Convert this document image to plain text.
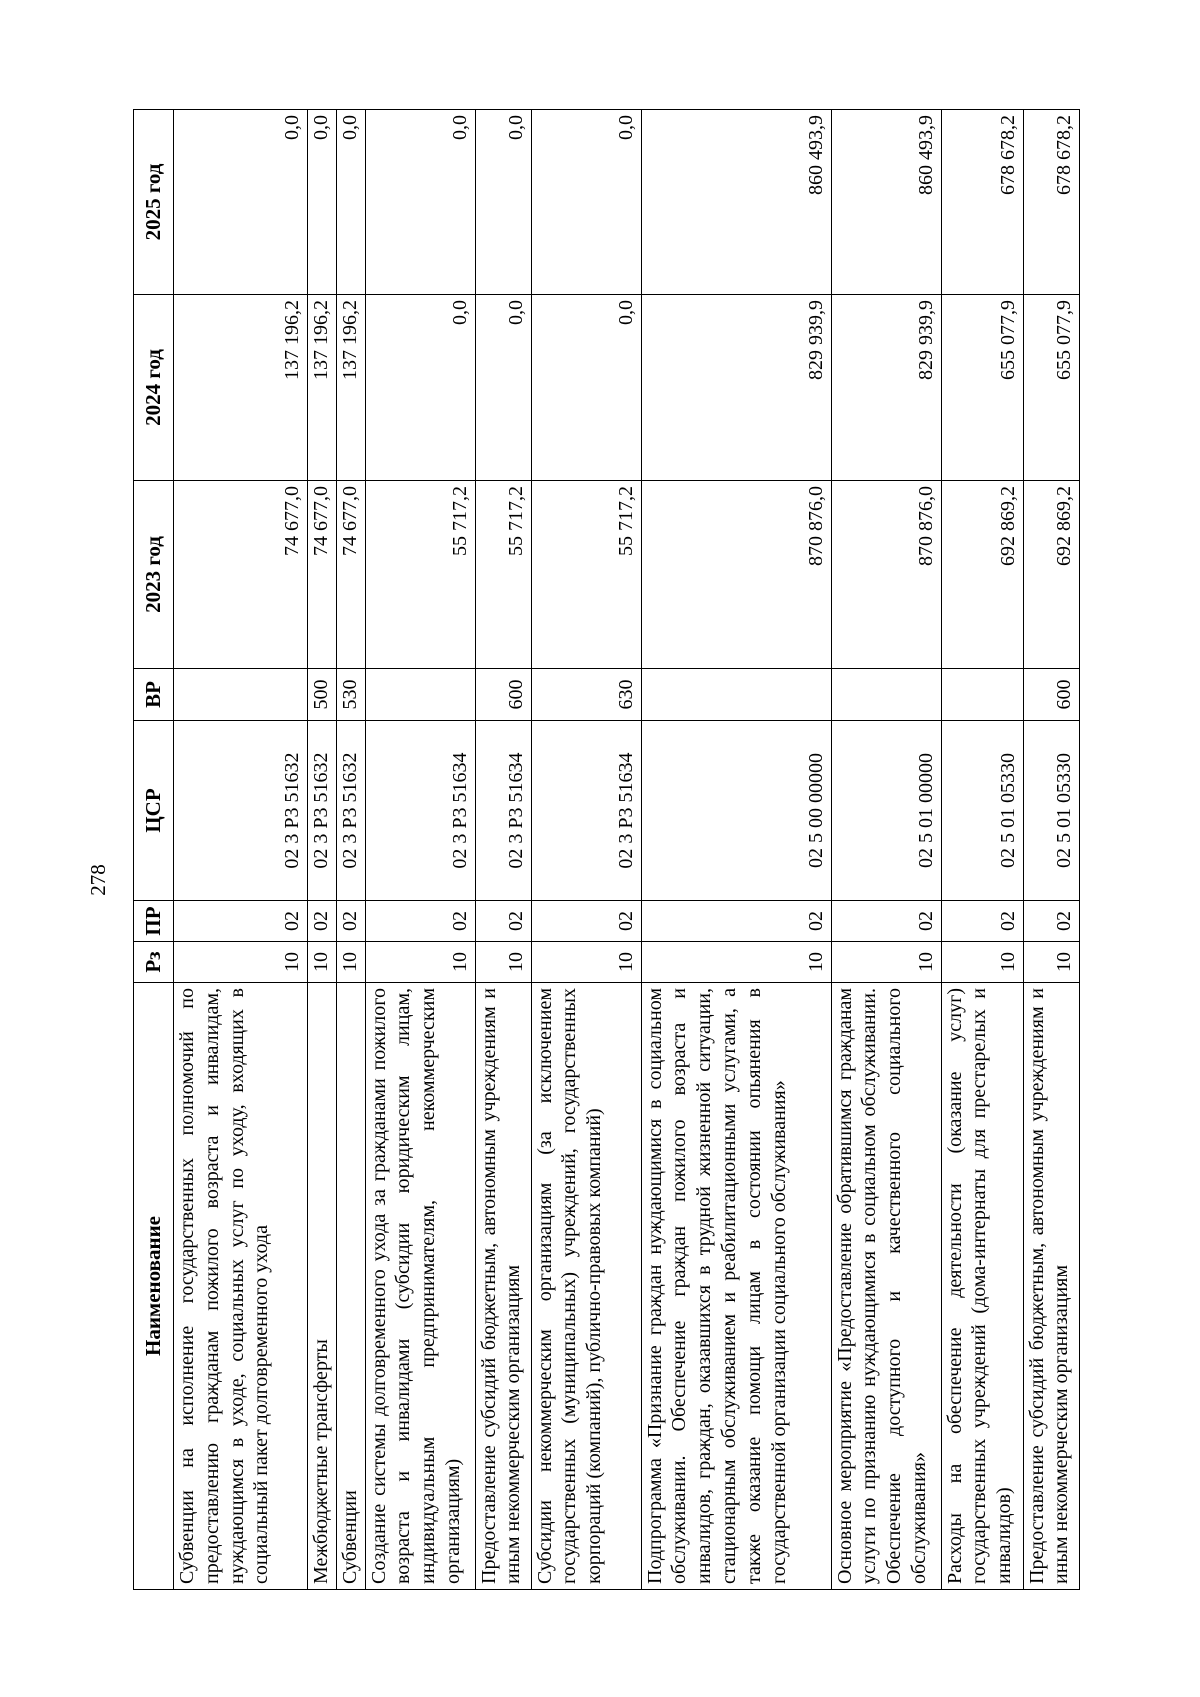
278
Наименование	Рз	ПР	ЦСР	ВР	2023 год	2024 год	2025 год
Субвенции на исполнение государственных полномочий по предоставлению гражданам пожилого возраста и инвалидам, нуждающимся в уходе, социальных услуг по уходу, входящих в социальный пакет долговременного ухода	10	02	02 3 Р3 51632		74 677,0	137 196,2	0,0
Межбюджетные трансферты	10	02	02 3 Р3 51632	500	74 677,0	137 196,2	0,0
Субвенции	10	02	02 3 Р3 51632	530	74 677,0	137 196,2	0,0
Создание системы долговременного ухода за гражданами пожилого возраста и инвалидами (субсидии юридическим лицам, индивидуальным предпринимателям, некоммерческим организациям)	10	02	02 3 Р3 51634		55 717,2	0,0	0,0
Предоставление субсидий бюджетным, автономным учреждениям и иным некоммерческим организациям	10	02	02 3 Р3 51634	600	55 717,2	0,0	0,0
Субсидии некоммерческим организациям (за исключением государственных (муниципальных) учреждений, государственных корпораций (компаний), публично-правовых компаний)	10	02	02 3 Р3 51634	630	55 717,2	0,0	0,0
Подпрограмма «Признание граждан нуждающимися в социальном обслуживании. Обеспечение граждан пожилого возраста и инвалидов, граждан, оказавшихся в трудной жизненной ситуации, стационарным обслуживанием и реабилитационными услугами, а также оказание помощи лицам в состоянии опьянения в государственной организации социального обслуживания»	10	02	02 5 00 00000		870 876,0	829 939,9	860 493,9
Основное мероприятие «Предоставление обратившимся гражданам услуги по признанию нуждающимися в социальном обслуживании. Обеспечение доступного и качественного социального обслуживания»	10	02	02 5 01 00000		870 876,0	829 939,9	860 493,9
Расходы на обеспечение деятельности (оказание услуг) государственных учреждений (дома-интернаты для престарелых и инвалидов)	10	02	02 5 01 05330		692 869,2	655 077,9	678 678,2
Предоставление субсидий бюджетным, автономным учреждениям и иным некоммерческим организациям	10	02	02 5 01 05330	600	692 869,2	655 077,9	678 678,2
